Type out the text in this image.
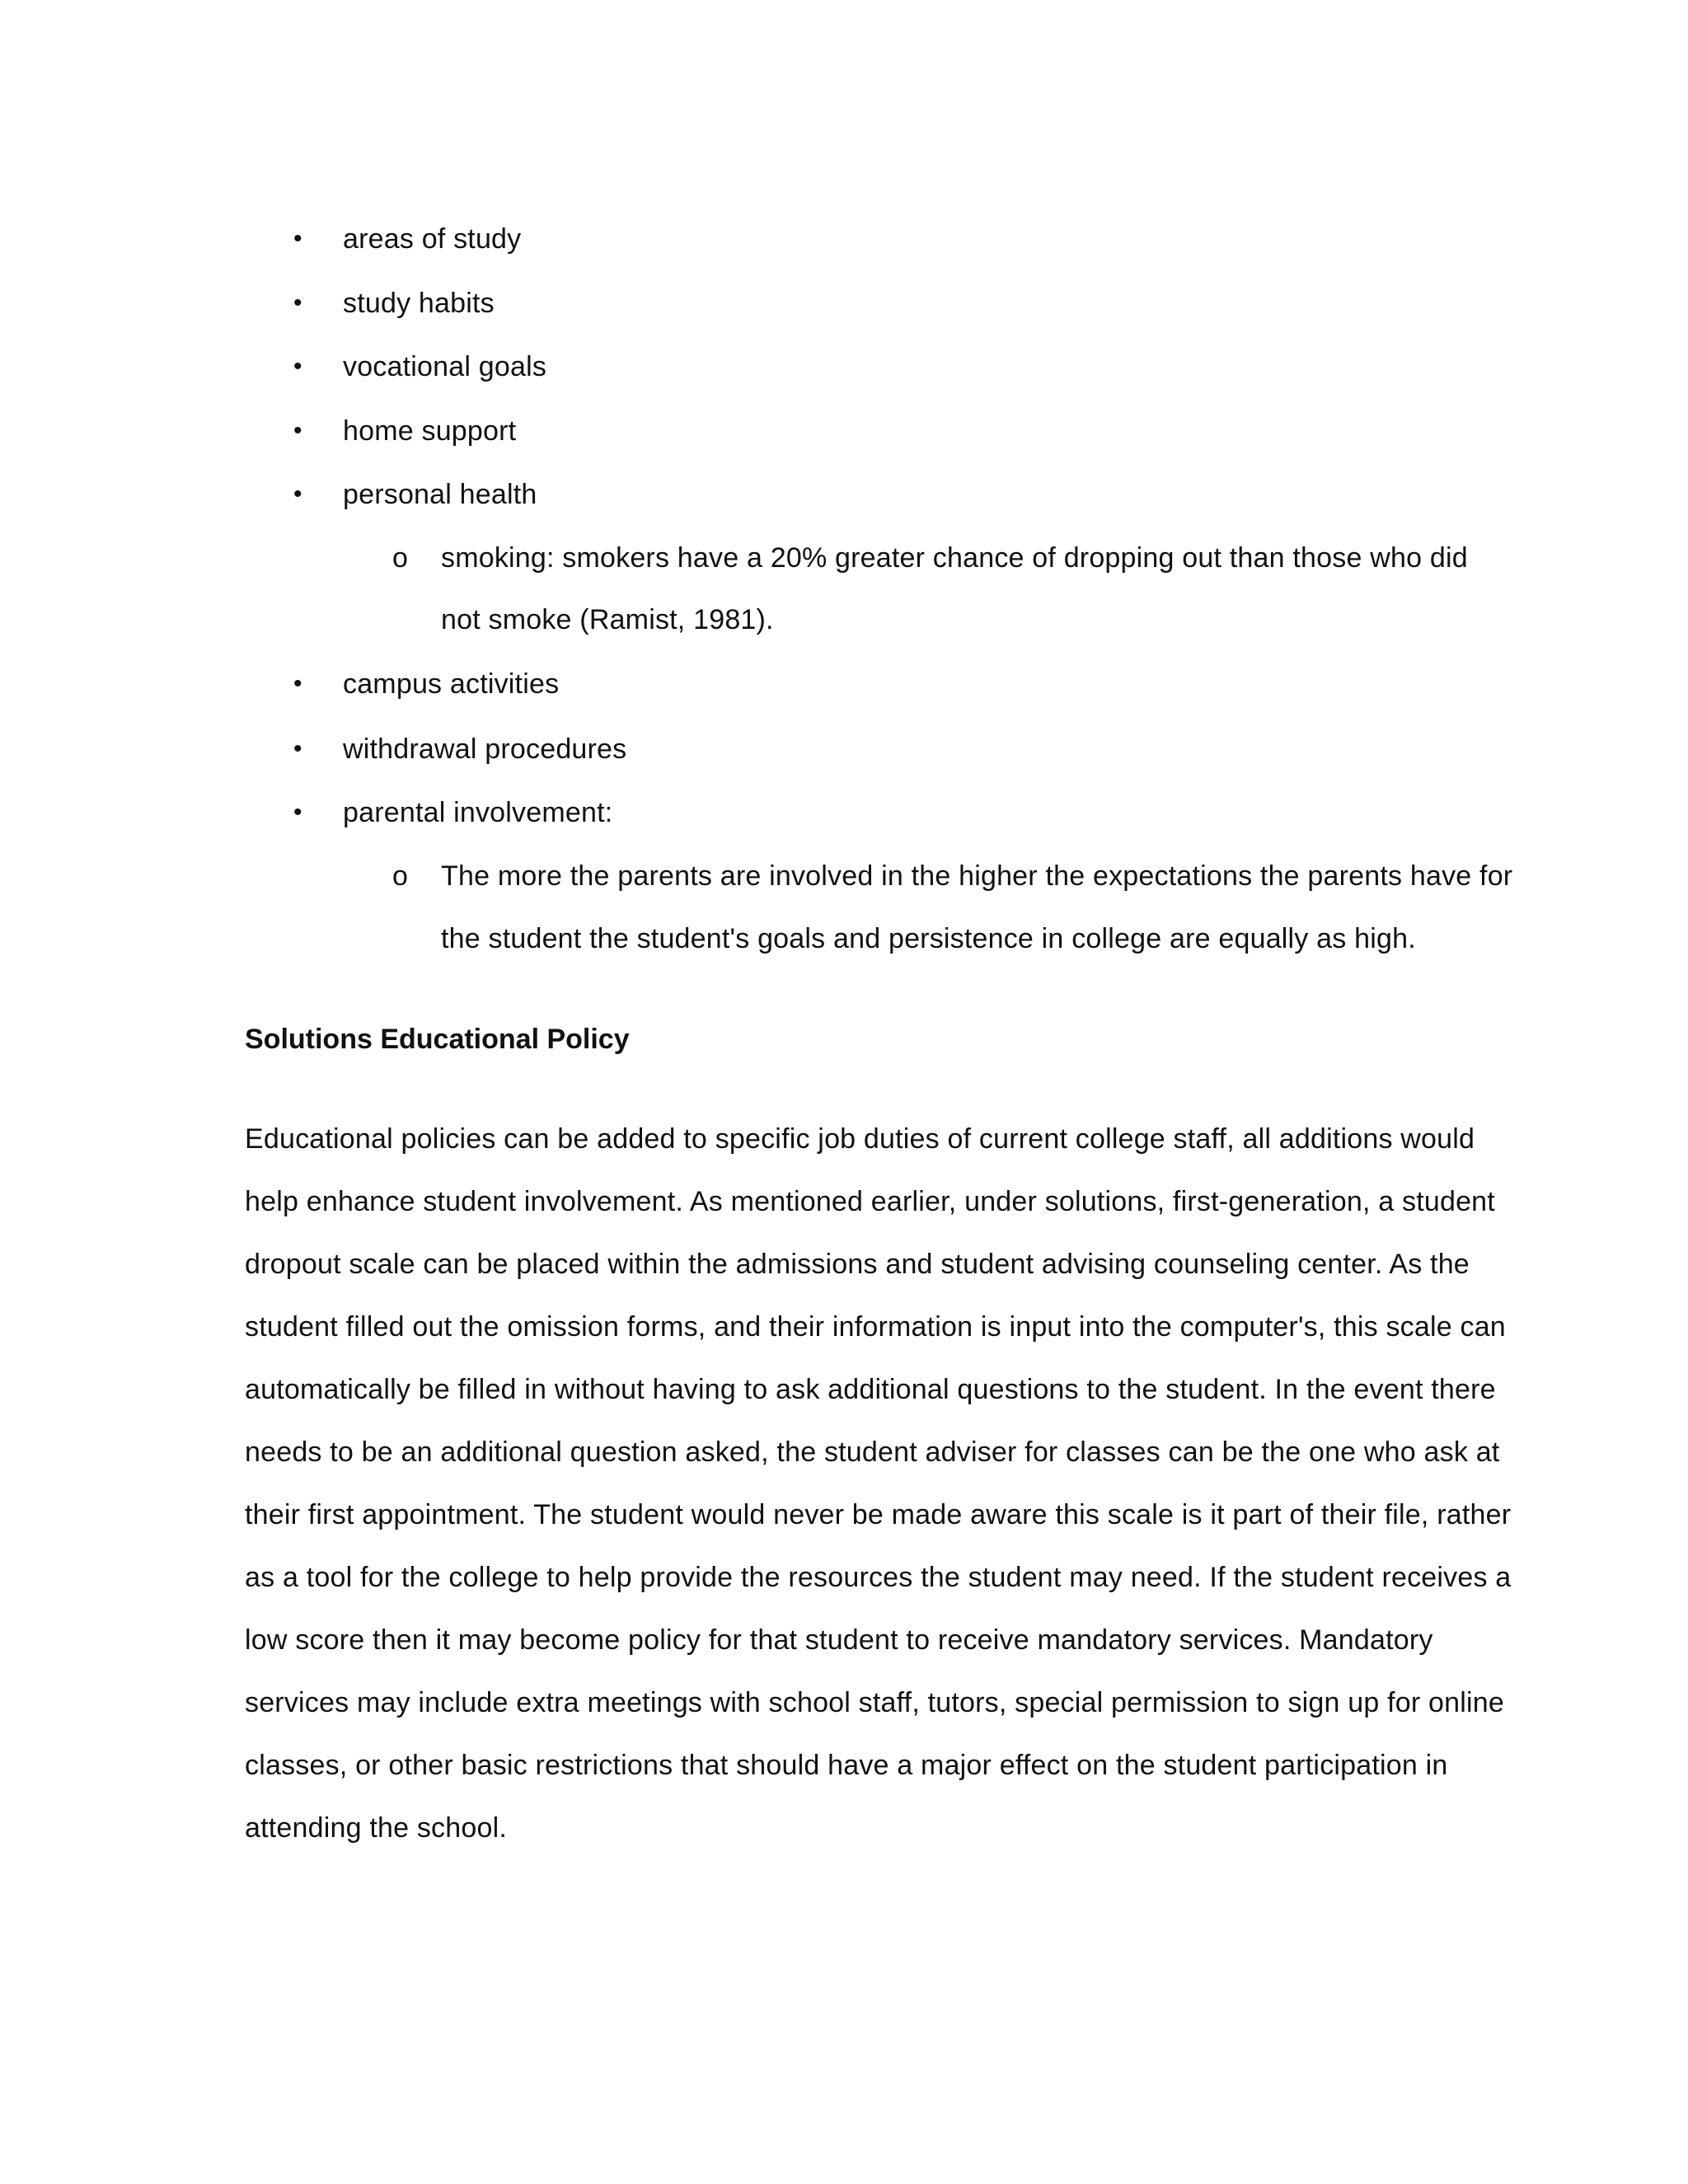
• areas of study
• study habits
• vocational goals
• home support
• personal health
o smoking: smokers have a 20% greater chance of dropping out than those who did
not smoke (Ramist, 1981).
• campus activities
• withdrawal procedures
• parental involvement:
o The more the parents are involved in the higher the expectations the parents have for
the student the student's goals and persistence in college are equally as high.
Solutions Educational Policy
Educational policies can be added to specific job duties of current college staff, all additions would
help enhance student involvement. As mentioned earlier, under solutions, first-generation, a student
dropout scale can be placed within the admissions and student advising counseling center. As the
student filled out the omission forms, and their information is input into the computer's, this scale can
automatically be filled in without having to ask additional questions to the student. In the event there
needs to be an additional question asked, the student adviser for classes can be the one who ask at
their first appointment. The student would never be made aware this scale is it part of their file, rather
as a tool for the college to help provide the resources the student may need. If the student receives a
low score then it may become policy for that student to receive mandatory services. Mandatory
services may include extra meetings with school staff, tutors, special permission to sign up for online
classes, or other basic restrictions that should have a major effect on the student participation in
attending the school.
